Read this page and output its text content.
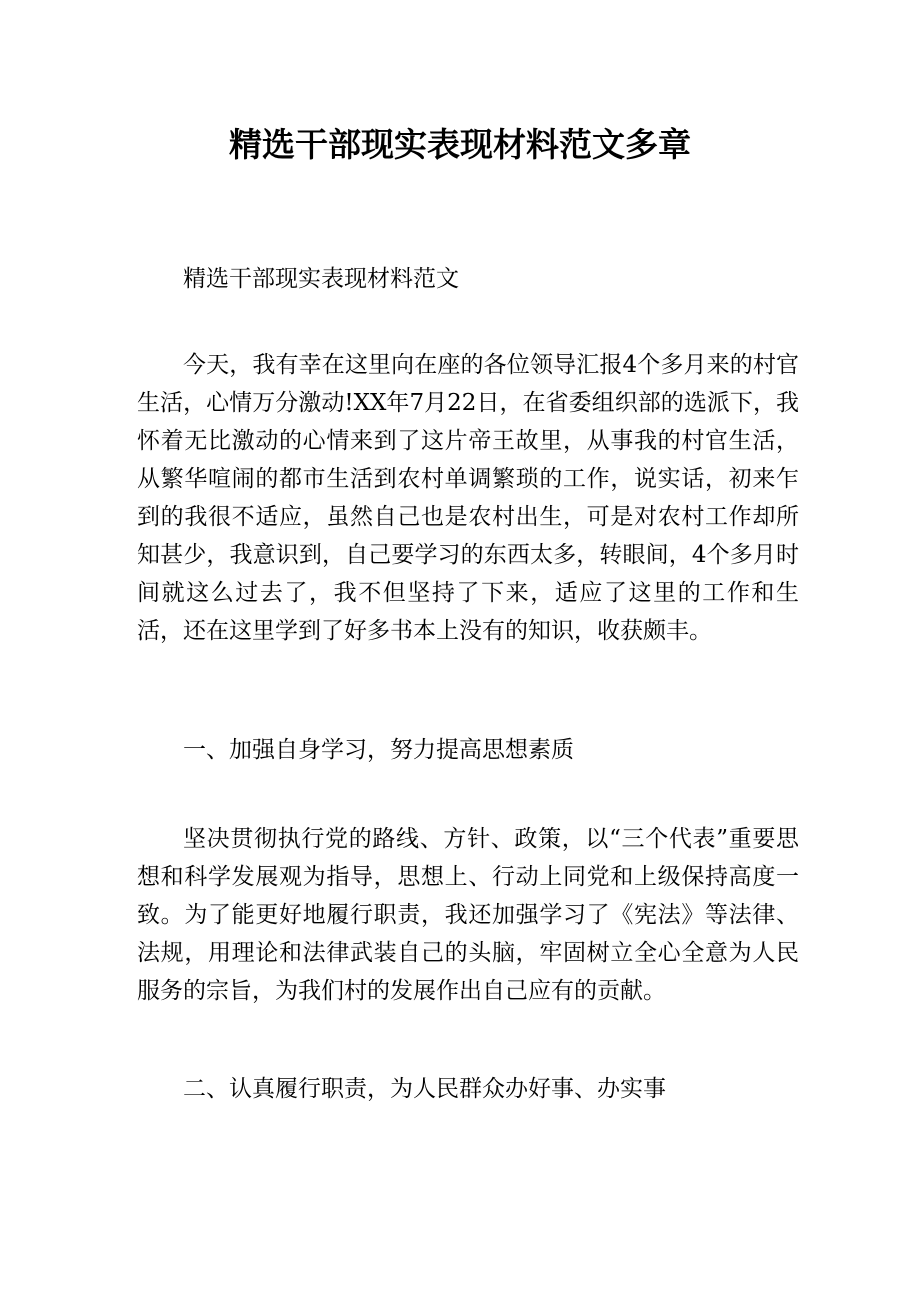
精选干部现实表现材料范文多章

精选干部现实表现材料范文

今天，我有幸在这里向在座的各位领导汇报4个多月来的村官生活，心情万分激动!XX年7月22日，在省委组织部的选派下，我怀着无比激动的心情来到了这片帝王故里，从事我的村官生活，从繁华喧闹的都市生活到农村单调繁琐的工作，说实话，初来乍到的我很不适应，虽然自己也是农村出生，可是对农村工作却所知甚少，我意识到，自己要学习的东西太多，转眼间，4个多月时间就这么过去了，我不但坚持了下来，适应了这里的工作和生活，还在这里学到了好多书本上没有的知识，收获颇丰。

一、加强自身学习，努力提高思想素质

坚决贯彻执行党的路线、方针、政策，以“三个代表”重要思想和科学发展观为指导，思想上、行动上同党和上级保持高度一致。为了能更好地履行职责，我还加强学习了《宪法》等法律、法规，用理论和法律武装自己的头脑，牢固树立全心全意为人民服务的宗旨，为我们村的发展作出自己应有的贡献。

二、认真履行职责，为人民群众办好事、办实事
